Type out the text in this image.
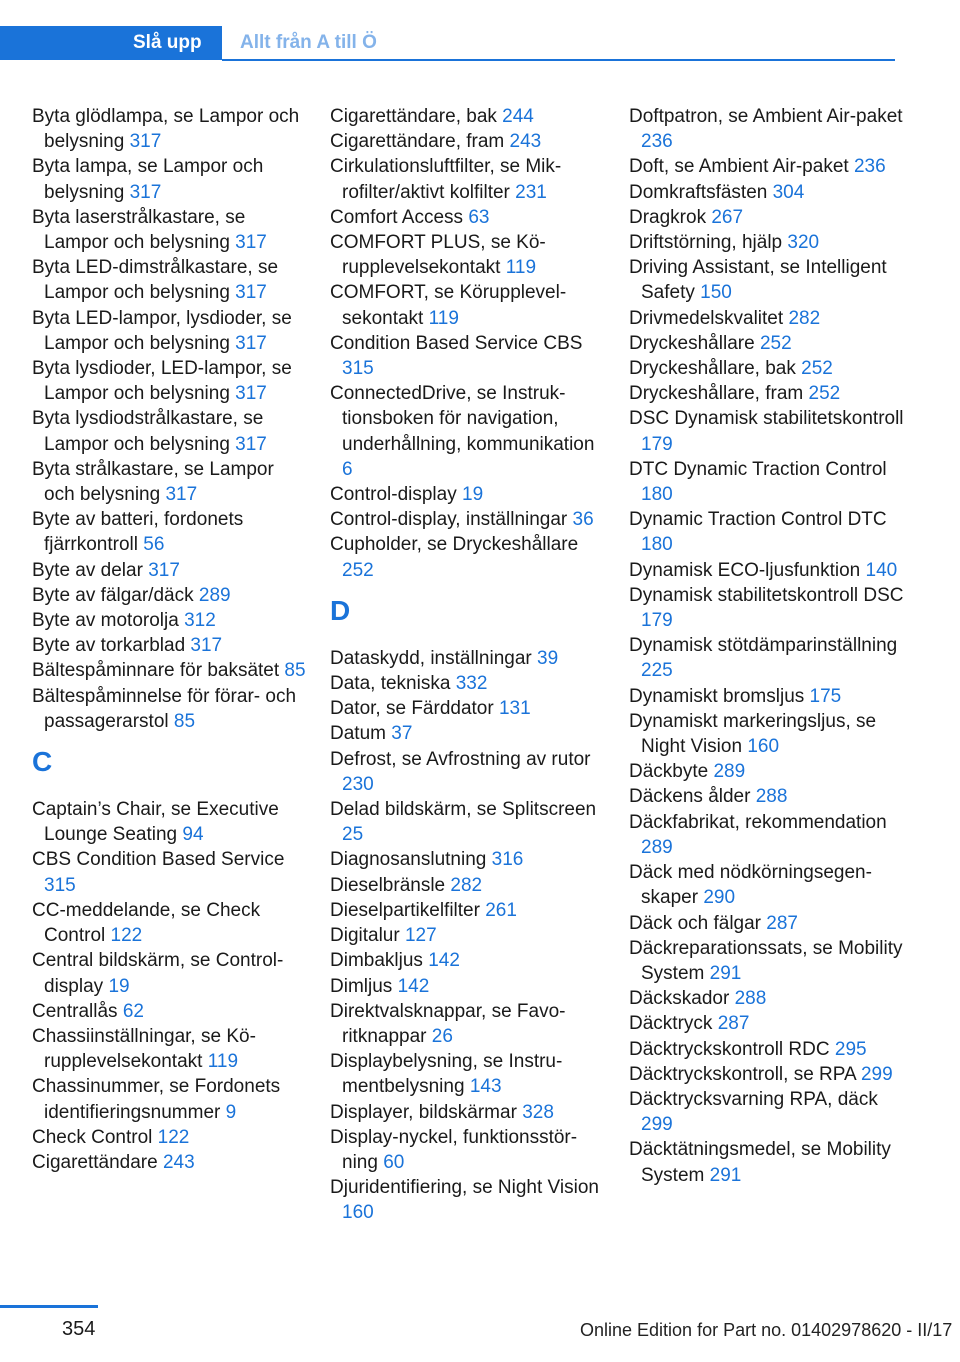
Slå upp	Allt från A till Ö
Byta glödlampa, se Lampor och belysning 317
Byta lampa, se Lampor och belysning 317
Byta laserstrålkastare, se Lampor och belysning 317
Byta LED-dimstrålkastare, se Lampor och belysning 317
Byta LED-lampor, lysdioder, se Lampor och belysning 317
Byta lysdioder, LED-lampor, se Lampor och belysning 317
Byta lysdiodstrålkastare, se Lampor och belysning 317
Byta strålkastare, se Lampor och belysning 317
Byte av batteri, fordonets fjärrkontroll 56
Byte av delar 317
Byte av fälgar/däck 289
Byte av motorolja 312
Byte av torkarblad 317
Bältespåminnare för baksätet 85
Bältespåminnelse för förar- och passagerarstol 85
C
Captain’s Chair, se Executive Lounge Seating 94
CBS Condition Based Service 315
CC-meddelande, se Check Control 122
Central bildskärm, se Control-display 19
Centrallås 62
Chassiinställningar, se Körupplevelsekontakt 119
Chassinummer, se Fordonets identifieringsnummer 9
Check Control 122
Cigarettändare 243
Cigarettändare, bak 244
Cigarettändare, fram 243
Cirkulationsluftfilter, se Mikrofilter/aktivt kolfilter 231
Comfort Access 63
COMFORT PLUS, se Körupplevelsekontakt 119
COMFORT, se Körupplevelsekontakt 119
Condition Based Service CBS 315
ConnectedDrive, se Instruktionsboken för navigation, underhållning, kommunikation 6
Control-display 19
Control-display, inställningar 36
Cupholder, se Dryckeshållare 252
D
Dataskydd, inställningar 39
Data, tekniska 332
Dator, se Färddator 131
Datum 37
Defrost, se Avfrostning av rutor 230
Delad bildskärm, se Splitscreen 25
Diagnosanslutning 316
Dieselbränsle 282
Dieselpartikelfilter 261
Digitalur 127
Dimbakljus 142
Dimljus 142
Direktvalsknappar, se Favoritknappar 26
Displaybelysning, se Instrumentbelysning 143
Displayer, bildskärmar 328
Display-nyckel, funktionsstörning 60
Djuridentifiering, se Night Vision 160
Doftpatron, se Ambient Air-paket 236
Doft, se Ambient Air-paket 236
Domkraftsfästen 304
Dragkrok 267
Driftstörning, hjälp 320
Driving Assistant, se Intelligent Safety 150
Drivmedelskvalitet 282
Dryckeshållare 252
Dryckeshållare, bak 252
Dryckeshållare, fram 252
DSC Dynamisk stabilitetskontroll 179
DTC Dynamic Traction Control 180
Dynamic Traction Control DTC 180
Dynamisk ECO-ljusfunktion 140
Dynamisk stabilitetskontroll DSC 179
Dynamisk stötdämparinställning 225
Dynamiskt bromsljus 175
Dynamiskt markeringsljus, se Night Vision 160
Däckbyte 289
Däckens ålder 288
Däckfabrikat, rekommendation 289
Däck med nödkörningsegenskaper 290
Däck och fälgar 287
Däckreparationssats, se Mobility System 291
Däckskador 288
Däcktryck 287
Däcktryckskontroll RDC 295
Däcktryckskontroll, se RPA 299
Däcktrycksvarning RPA, däck 299
Däcktätningsmedel, se Mobility System 291
354	Online Edition for Part no. 01402978620 - II/17
